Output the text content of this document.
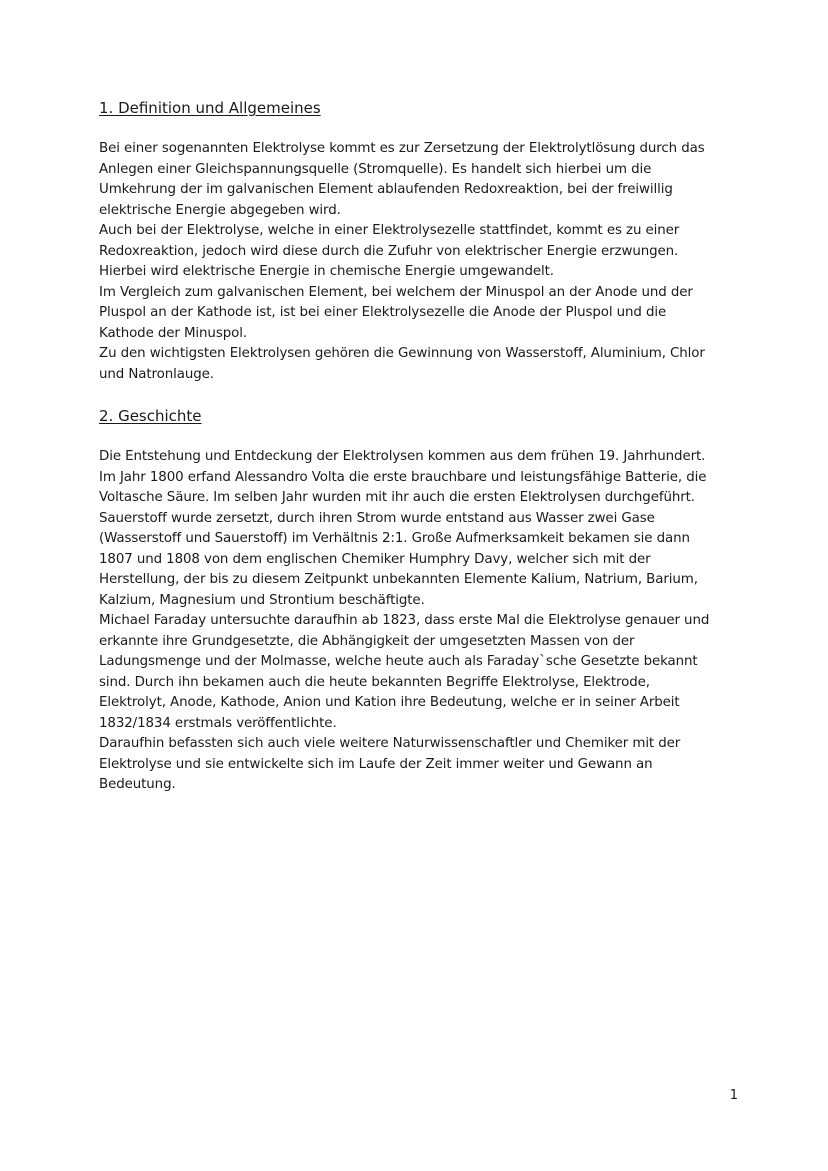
1. Definition und Allgemeines
Bei einer sogenannten Elektrolyse kommt es zur Zersetzung der Elektrolytlösung durch das
Anlegen einer Gleichspannungsquelle (Stromquelle). Es handelt sich hierbei um die
Umkehrung der im galvanischen Element ablaufenden Redoxreaktion, bei der freiwillig
elektrische Energie abgegeben wird.
Auch bei der Elektrolyse, welche in einer Elektrolysezelle stattfindet, kommt es zu einer
Redoxreaktion, jedoch wird diese durch die Zufuhr von elektrischer Energie erzwungen.
Hierbei wird elektrische Energie in chemische Energie umgewandelt.
Im Vergleich zum galvanischen Element, bei welchem der Minuspol an der Anode und der
Pluspol an der Kathode ist, ist bei einer Elektrolysezelle die Anode der Pluspol und die
Kathode der Minuspol.
Zu den wichtigsten Elektrolysen gehören die Gewinnung von Wasserstoff, Aluminium, Chlor
und Natronlauge.
2. Geschichte
Die Entstehung und Entdeckung der Elektrolysen kommen aus dem frühen 19. Jahrhundert.
Im Jahr 1800 erfand Alessandro Volta die erste brauchbare und leistungsfähige Batterie, die
Voltasche Säure. Im selben Jahr wurden mit ihr auch die ersten Elektrolysen durchgeführt.
Sauerstoff wurde zersetzt, durch ihren Strom wurde entstand aus Wasser zwei Gase
(Wasserstoff und Sauerstoff) im Verhältnis 2:1. Große Aufmerksamkeit bekamen sie dann
1807 und 1808 von dem englischen Chemiker Humphry Davy, welcher sich mit der
Herstellung, der bis zu diesem Zeitpunkt unbekannten Elemente Kalium, Natrium, Barium,
Kalzium, Magnesium und Strontium beschäftigte.
Michael Faraday untersuchte daraufhin ab 1823, dass erste Mal die Elektrolyse genauer und
erkannte ihre Grundgesetzte, die Abhängigkeit der umgesetzten Massen von der
Ladungsmenge und der Molmasse, welche heute auch als Faraday`sche Gesetzte bekannt
sind. Durch ihn bekamen auch die heute bekannten Begriffe Elektrolyse, Elektrode,
Elektrolyt, Anode, Kathode, Anion und Kation ihre Bedeutung, welche er in seiner Arbeit
1832/1834 erstmals veröffentlichte.
Daraufhin befassten sich auch viele weitere Naturwissenschaftler und Chemiker mit der
Elektrolyse und sie entwickelte sich im Laufe der Zeit immer weiter und Gewann an
Bedeutung.
1
